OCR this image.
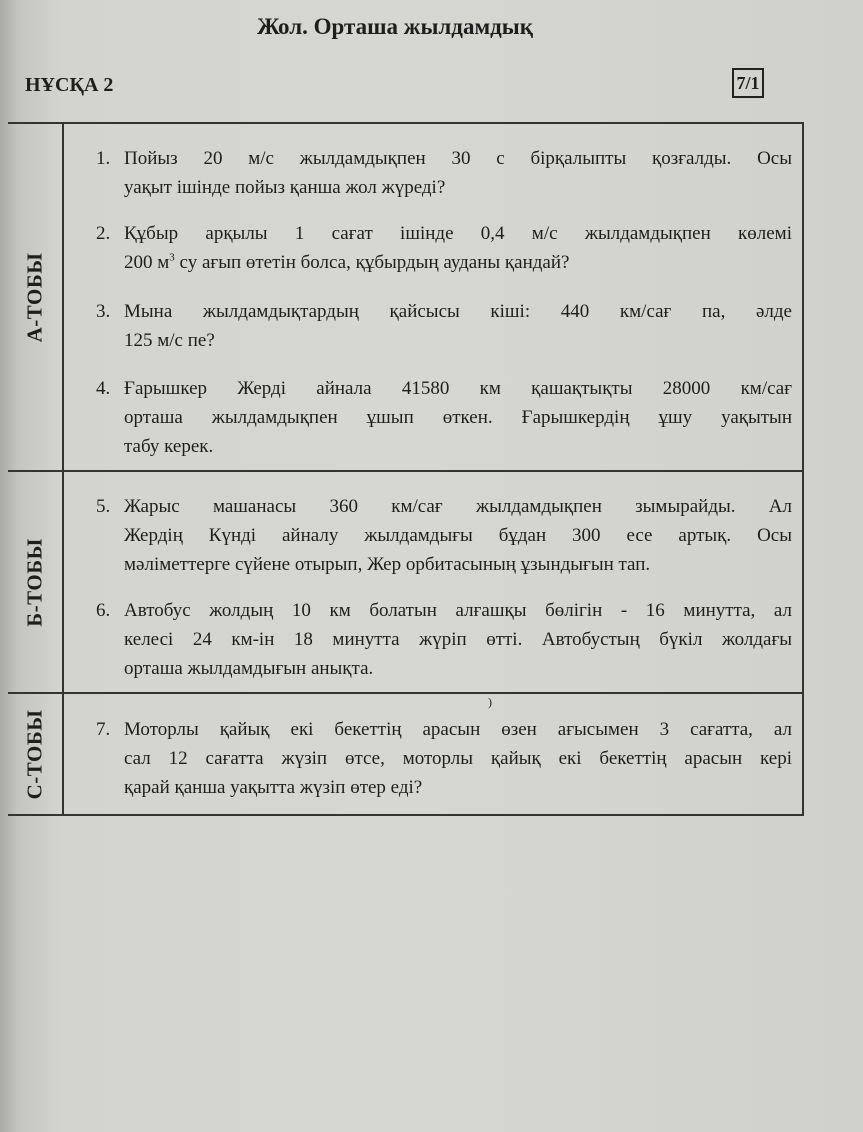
Жол. Орташа жылдамдық
НҰСҚА 2	7/1
А-ТОБЫ
Б-ТОБЫ
С-ТОБЫ
1. Пойыз 20 м/с жылдамдықпен 30 с бірқалыпты қозғалды. Осы
уақыт ішінде пойыз қанша жол жүреді?
2. Құбыр арқылы 1 сағат ішінде 0,4 м/с жылдамдықпен көлемі
200 $м^3$ су ағып өтетін болса, құбырдың ауданы қандай?
3. Мына жылдамдықтардың қайсысы кіші: 440 км/сағ па, әлде
125 м/с пе?
4. Ғарышкер Жерді айнала 41580 км қашақтықты 28000 км/сағ
орташа жылдамдықпен ұшып өткен. Ғарышкердің ұшу уақытын
табу керек.
5. Жарыс машанасы 360 км/сағ жылдамдықпен зымырайды. Ал
Жердің Күнді айналу жылдамдығы бұдан 300 есе артық. Осы
мәліметтерге сүйене отырып, Жер орбитасының ұзындығын тап.
6. Автобус жолдың 10 км болатын алғашқы бөлігін - 16 минутта, ал
келесі 24 км-ін 18 минутта жүріп өтті. Автобустың бүкіл жолдағы
орташа жылдамдығын анықта.
)
7. Моторлы қайық екі бекеттің арасын өзен ағысымен 3 сағатта, ал
сал 12 сағатта жүзіп өтсе, моторлы қайық екі бекеттің арасын кері
қарай қанша уақытта жүзіп өтер еді?
